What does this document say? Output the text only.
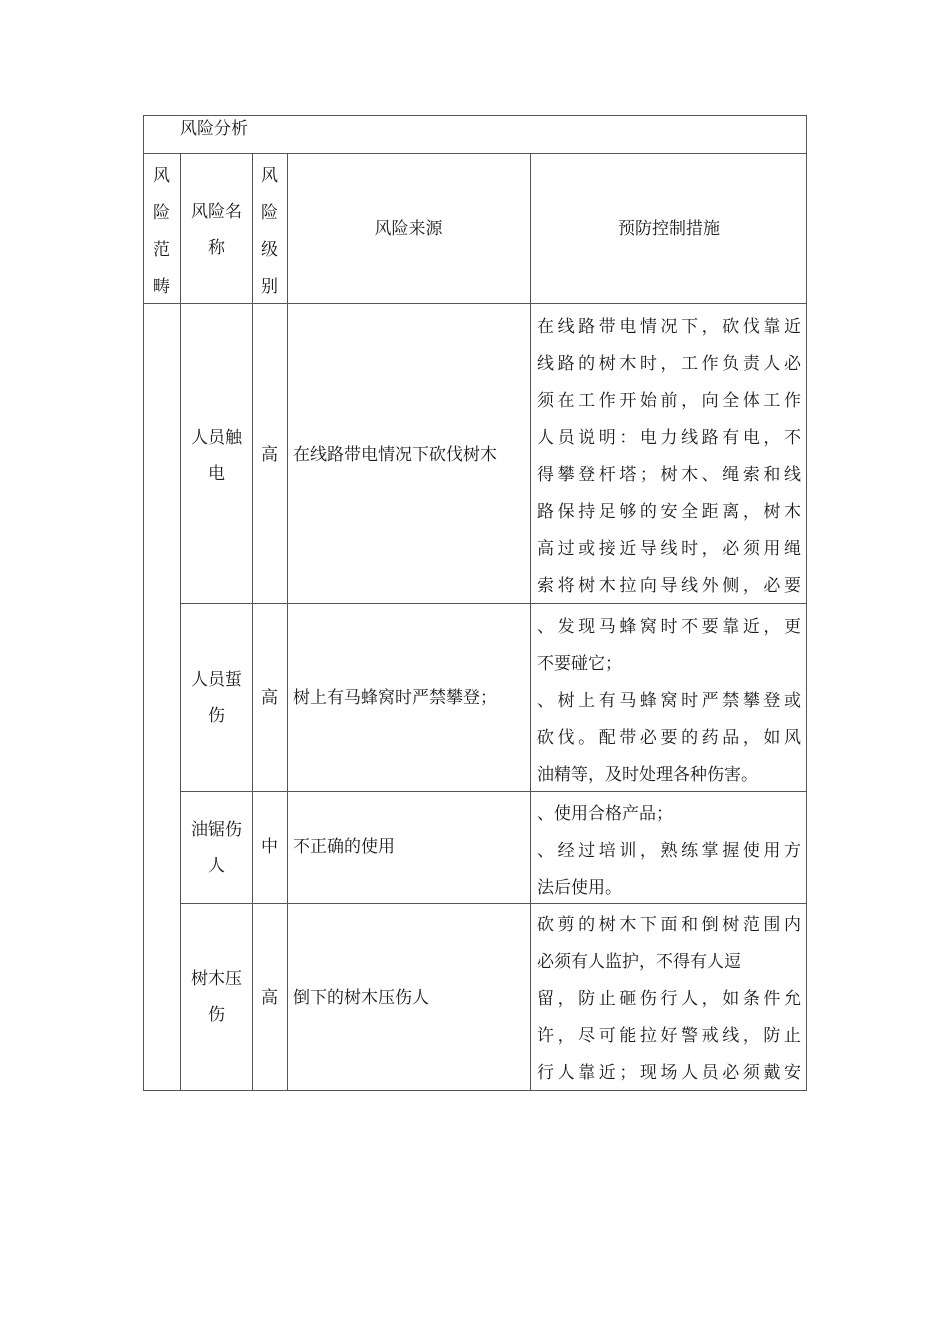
风险分析
风
险
范
畴
风险名
称
风
险
级
别
风险来源	预防控制措施
人员触
电
高 在线路带电情况下砍伐树木
在线路带电情况下，砍伐靠近
线路的树木时，工作负责人必
须在工作开始前，向全体工作
人员说明：电力线路有电，不
得攀登杆塔；树木、绳索和线
路保持足够的安全距离，树木
高过或接近导线时，必须用绳
索将树木拉向导线外侧，必要
人员蜇
伤
高 树上有马蜂窝时严禁攀登；
、发现马蜂窝时不要靠近，更
不要碰它；
、树上有马蜂窝时严禁攀登或
砍伐。配带必要的药品，如风
油精等，及时处理各种伤害。
油锯伤
人
中 不正确的使用
、使用合格产品；
、经过培训，熟练掌握使用方
法后使用。
树木压
伤
高 倒下的树木压伤人
砍剪的树木下面和倒树范围内
必须有人监护，不得有人逗
留，防止砸伤行人，如条件允
许，尽可能拉好警戒线，防止
行人靠近；现场人员必须戴安
